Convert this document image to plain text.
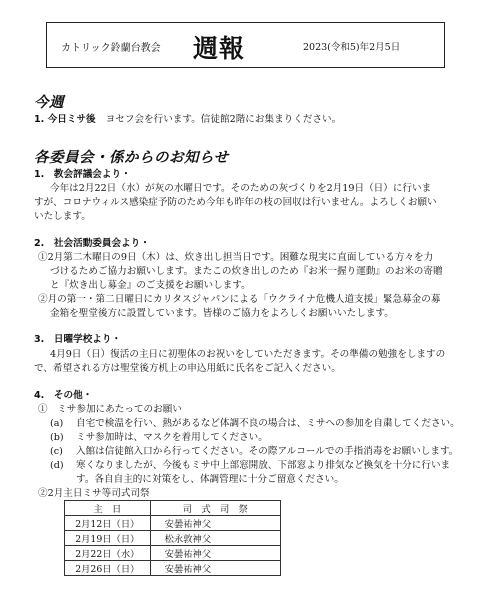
カトリック鈴蘭台教会 週報	2023(令和5)年2月5日
今週
1. 今日ミサ後 ヨセフ会を行います。信徒館2階にお集まりください。
各委員会・係からのお知らせ
1.　教会評議会より・
今年は2月22日（水）が灰の水曜日です。そのための灰づくりを2月19日（日）に行いま
すが、コロナウィルス感染症予防のため今年も昨年の枝の回収は行いません。よろしくお願い
いたします。
2.　社会活動委員会より・
①2月第二木曜日の9日（木）は、炊き出し担当日です。困難な現実に直面している方々を力
づけるためご協力お願いします。またこの炊き出しのため『お米一握り運動』のお米の寄贈
と『炊き出し募金』のご支援をお願いします。
②月の第一・第二日曜日にカリタスジャパンによる「ウクライナ危機人道支援」緊急募金の募
金箱を聖堂後方に設置しています。皆様のご協力をよろしくお願いいたします。
3.　日曜学校より・
4月9日（日）復活の主日に初聖体のお祝いをしていただきます。その準備の勉強をしますの
で、希望される方は聖堂後方机上の申込用紙に氏名をご記入ください。
4.　その他・
①　ミサ参加にあたってのお願い
(a) 自宅で検温を行い、熱があるなど体調不良の場合は、ミサへの参加を自粛してください。
(b) ミサ参加時は、マスクを着用してください。
(c) 入館は信徒館入口から行ってください。その際アルコールでの手指消毒をお願いします。
(d) 寒くなりましたが、今後もミサ中上部窓開放、下部窓より排気など換気を十分に行いま
す。各自自主的に対策をし、体調管理に十分ご留意ください。
②2月主日ミサ等司式司祭
主　日	司　式　司　祭
2月12日（日）	安曇祐神父
2月19日（日）	松永敦神父
2月22日（水）	安曇祐神父
2月26日（日）	安曇祐神父
